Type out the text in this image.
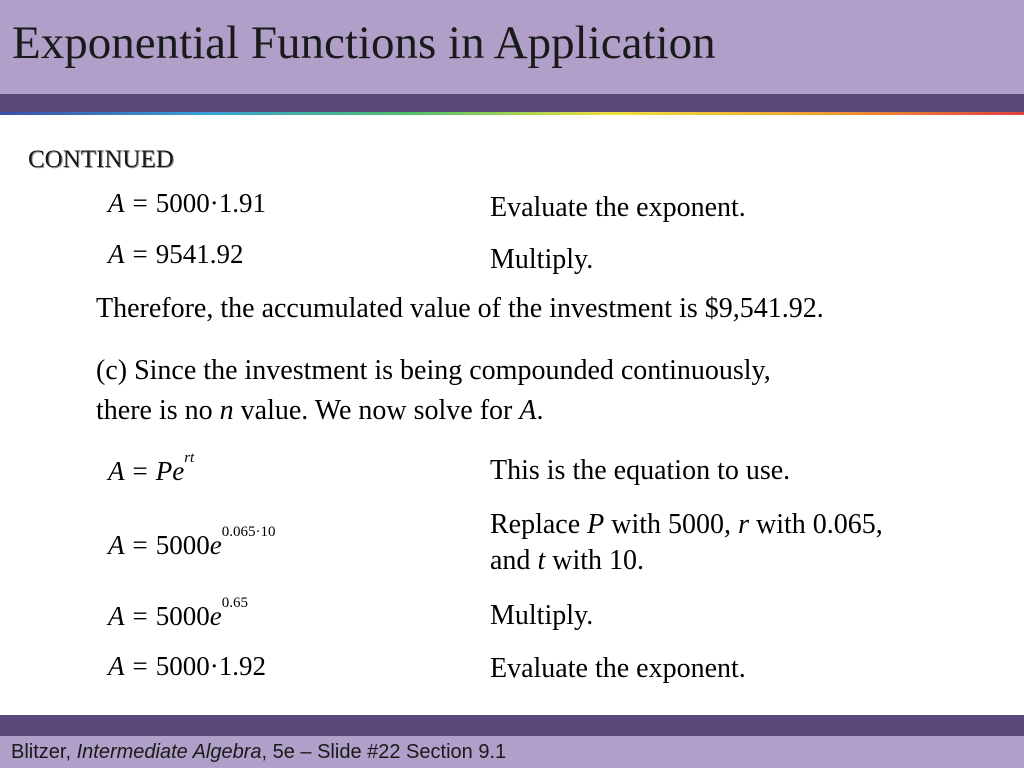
Exponential Functions in Application
CONTINUED
A = 5000·1.91	Evaluate the exponent.
A = 9541.92	Multiply.
Therefore, the accumulated value of the investment is $9,541.92.
(c) Since the investment is being compounded continuously,
there is no n value. We now solve for A.
$A = Pe^{rt}$	This is the equation to use.
$A = 5000e^{0.065\cdot 10}$	Replace P with 5000, r with 0.065,
and t with 10.
$A = 5000e^{0.65}$	Multiply.
A = 5000·1.92	Evaluate the exponent.
Blitzer, Intermediate Algebra, 5e – Slide #22 Section 9.1
